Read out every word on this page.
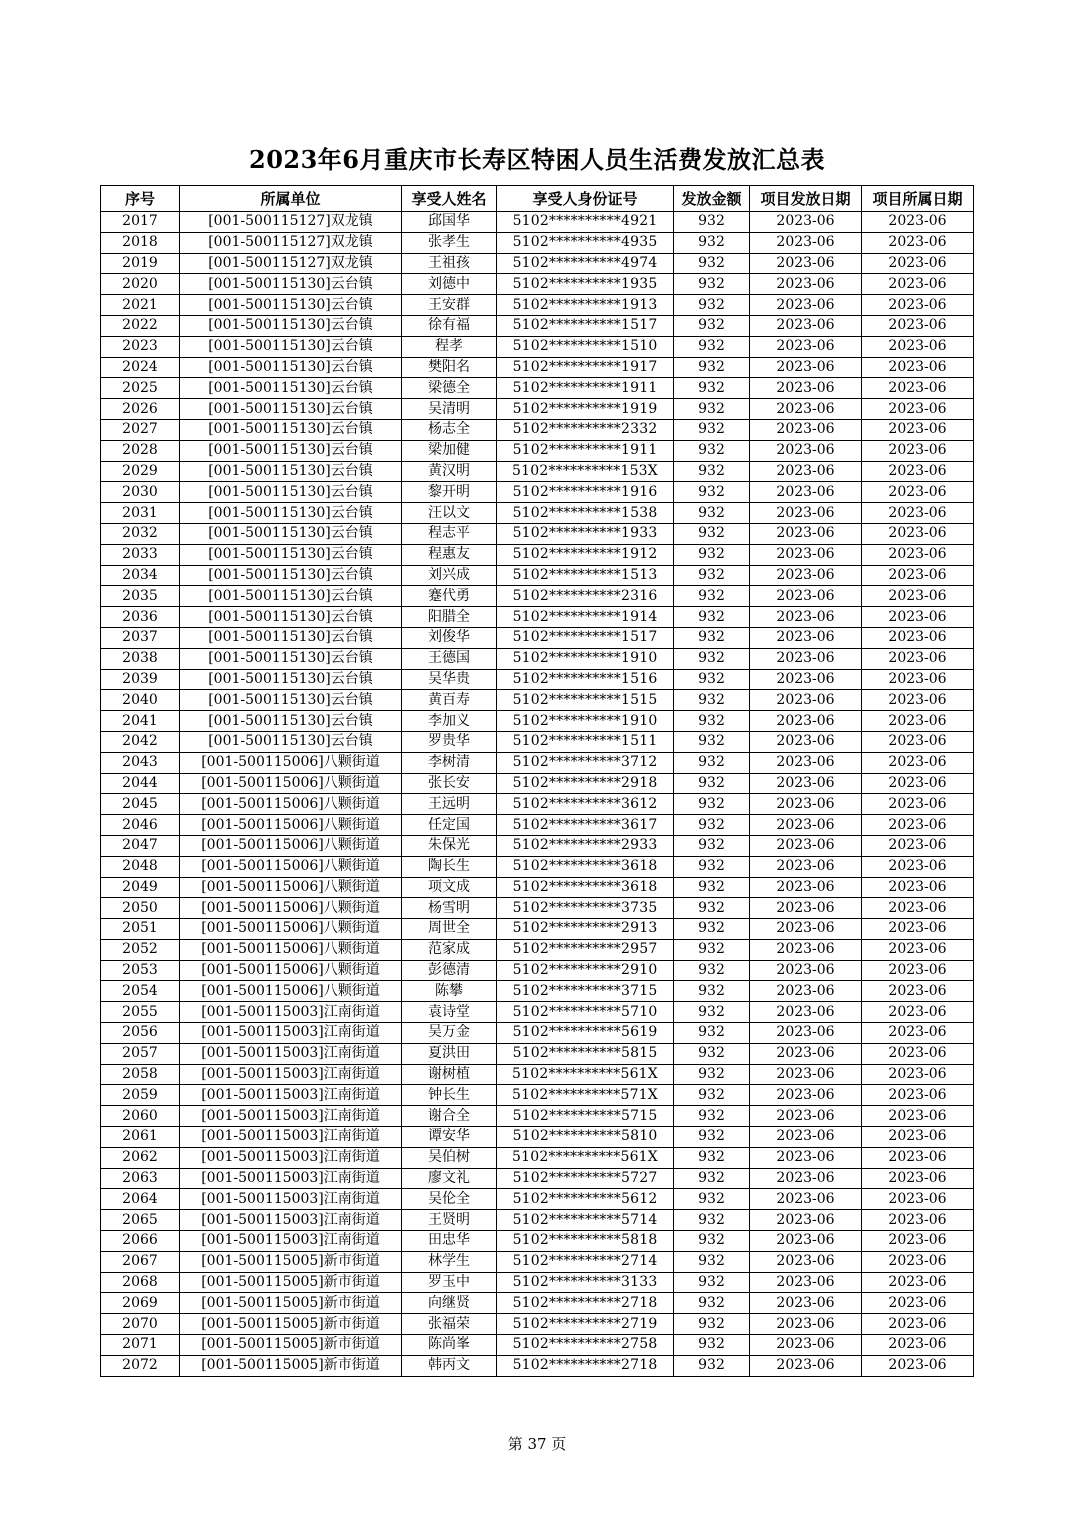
2023年6月重庆市长寿区特困人员生活费发放汇总表
序号	所属单位	享受人姓名	享受人身份证号	发放金额	项目发放日期	项目所属日期
2017	[001-500115127]双龙镇	邱国华	5102**********4921	932	2023-06	2023-06
2018	[001-500115127]双龙镇	张孝生	5102**********4935	932	2023-06	2023-06
2019	[001-500115127]双龙镇	王祖孩	5102**********4974	932	2023-06	2023-06
2020	[001-500115130]云台镇	刘德中	5102**********1935	932	2023-06	2023-06
2021	[001-500115130]云台镇	王安群	5102**********1913	932	2023-06	2023-06
2022	[001-500115130]云台镇	徐有福	5102**********1517	932	2023-06	2023-06
2023	[001-500115130]云台镇	程孝	5102**********1510	932	2023-06	2023-06
2024	[001-500115130]云台镇	樊阳名	5102**********1917	932	2023-06	2023-06
2025	[001-500115130]云台镇	梁德全	5102**********1911	932	2023-06	2023-06
2026	[001-500115130]云台镇	吴清明	5102**********1919	932	2023-06	2023-06
2027	[001-500115130]云台镇	杨志全	5102**********2332	932	2023-06	2023-06
2028	[001-500115130]云台镇	梁加健	5102**********1911	932	2023-06	2023-06
2029	[001-500115130]云台镇	黄汉明	5102**********153X	932	2023-06	2023-06
2030	[001-500115130]云台镇	黎开明	5102**********1916	932	2023-06	2023-06
2031	[001-500115130]云台镇	汪以文	5102**********1538	932	2023-06	2023-06
2032	[001-500115130]云台镇	程志平	5102**********1933	932	2023-06	2023-06
2033	[001-500115130]云台镇	程惠友	5102**********1912	932	2023-06	2023-06
2034	[001-500115130]云台镇	刘兴成	5102**********1513	932	2023-06	2023-06
2035	[001-500115130]云台镇	蹇代勇	5102**********2316	932	2023-06	2023-06
2036	[001-500115130]云台镇	阳腊全	5102**********1914	932	2023-06	2023-06
2037	[001-500115130]云台镇	刘俊华	5102**********1517	932	2023-06	2023-06
2038	[001-500115130]云台镇	王德国	5102**********1910	932	2023-06	2023-06
2039	[001-500115130]云台镇	吴华贵	5102**********1516	932	2023-06	2023-06
2040	[001-500115130]云台镇	黄百寿	5102**********1515	932	2023-06	2023-06
2041	[001-500115130]云台镇	李加义	5102**********1910	932	2023-06	2023-06
2042	[001-500115130]云台镇	罗贵华	5102**********1511	932	2023-06	2023-06
2043	[001-500115006]八颗街道	李树清	5102**********3712	932	2023-06	2023-06
2044	[001-500115006]八颗街道	张长安	5102**********2918	932	2023-06	2023-06
2045	[001-500115006]八颗街道	王远明	5102**********3612	932	2023-06	2023-06
2046	[001-500115006]八颗街道	任定国	5102**********3617	932	2023-06	2023-06
2047	[001-500115006]八颗街道	朱保光	5102**********2933	932	2023-06	2023-06
2048	[001-500115006]八颗街道	陶长生	5102**********3618	932	2023-06	2023-06
2049	[001-500115006]八颗街道	项文成	5102**********3618	932	2023-06	2023-06
2050	[001-500115006]八颗街道	杨雪明	5102**********3735	932	2023-06	2023-06
2051	[001-500115006]八颗街道	周世全	5102**********2913	932	2023-06	2023-06
2052	[001-500115006]八颗街道	范家成	5102**********2957	932	2023-06	2023-06
2053	[001-500115006]八颗街道	彭德清	5102**********2910	932	2023-06	2023-06
2054	[001-500115006]八颗街道	陈攀	5102**********3715	932	2023-06	2023-06
2055	[001-500115003]江南街道	袁诗堂	5102**********5710	932	2023-06	2023-06
2056	[001-500115003]江南街道	吴万金	5102**********5619	932	2023-06	2023-06
2057	[001-500115003]江南街道	夏洪田	5102**********5815	932	2023-06	2023-06
2058	[001-500115003]江南街道	谢树植	5102**********561X	932	2023-06	2023-06
2059	[001-500115003]江南街道	钟长生	5102**********571X	932	2023-06	2023-06
2060	[001-500115003]江南街道	谢合全	5102**********5715	932	2023-06	2023-06
2061	[001-500115003]江南街道	谭安华	5102**********5810	932	2023-06	2023-06
2062	[001-500115003]江南街道	吴伯树	5102**********561X	932	2023-06	2023-06
2063	[001-500115003]江南街道	廖文礼	5102**********5727	932	2023-06	2023-06
2064	[001-500115003]江南街道	吴伦全	5102**********5612	932	2023-06	2023-06
2065	[001-500115003]江南街道	王贤明	5102**********5714	932	2023-06	2023-06
2066	[001-500115003]江南街道	田忠华	5102**********5818	932	2023-06	2023-06
2067	[001-500115005]新市街道	林学生	5102**********2714	932	2023-06	2023-06
2068	[001-500115005]新市街道	罗玉中	5102**********3133	932	2023-06	2023-06
2069	[001-500115005]新市街道	向继贤	5102**********2718	932	2023-06	2023-06
2070	[001-500115005]新市街道	张福荣	5102**********2719	932	2023-06	2023-06
2071	[001-500115005]新市街道	陈尚峯	5102**********2758	932	2023-06	2023-06
2072	[001-500115005]新市街道	韩丙文	5102**********2718	932	2023-06	2023-06
第 37 页
